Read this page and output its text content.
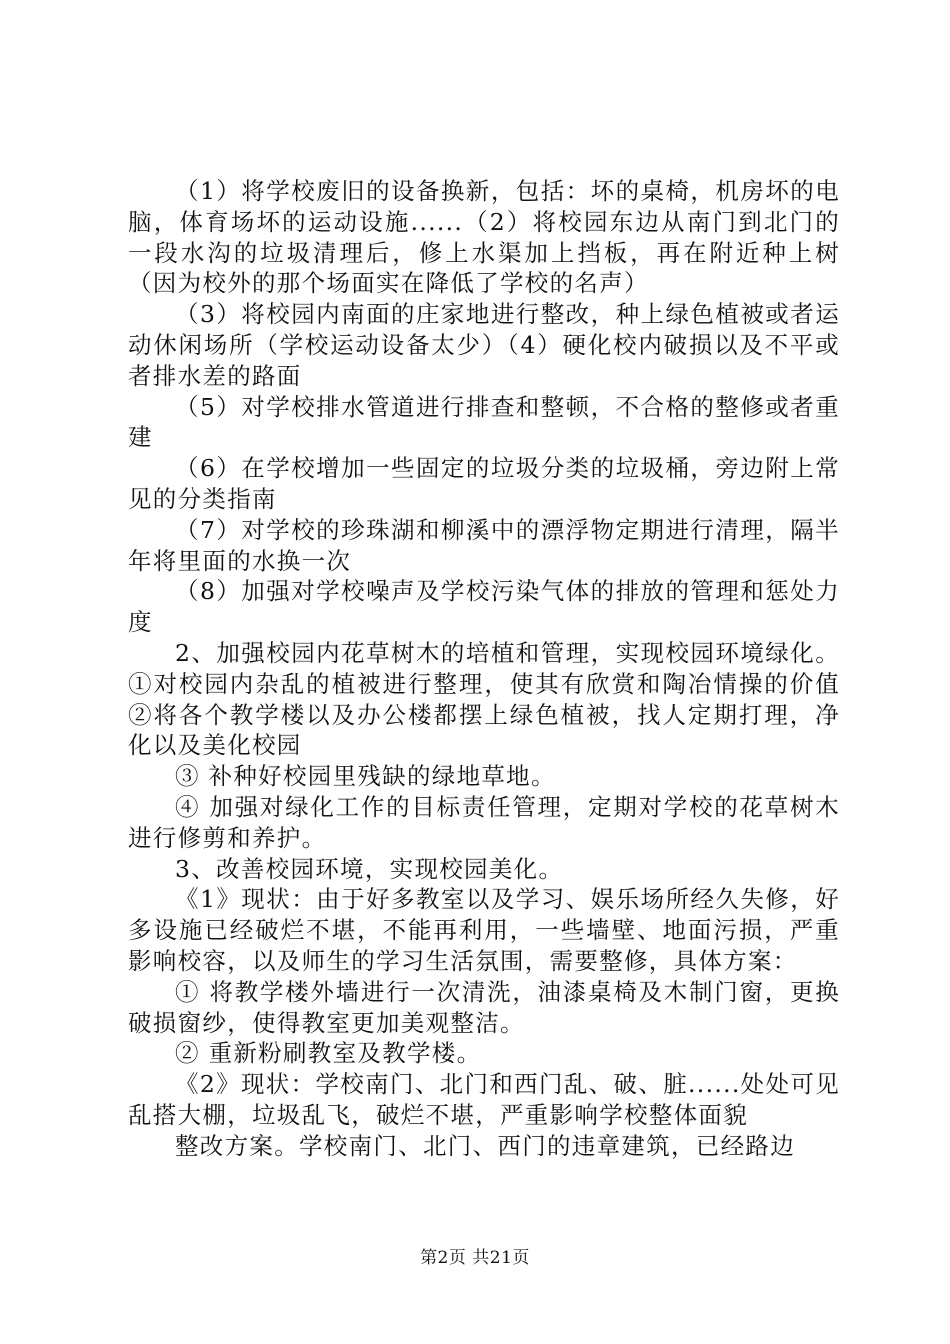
（1）将学校废旧的设备换新，包括：坏的桌椅，机房坏的电脑，体育场坏的运动设施......（2）将校园东边从南门到北门的一段水沟的垃圾清理后，修上水渠加上挡板，再在附近种上树（因为校外的那个场面实在降低了学校的名声）

（3）将校园内南面的庄家地进行整改，种上绿色植被或者运动休闲场所（学校运动设备太少）（4）硬化校内破损以及不平或者排水差的路面

（5）对学校排水管道进行排查和整顿，不合格的整修或者重建

（6）在学校增加一些固定的垃圾分类的垃圾桶，旁边附上常见的分类指南

（7）对学校的珍珠湖和柳溪中的漂浮物定期进行清理，隔半年将里面的水换一次

（8）加强对学校噪声及学校污染气体的排放的管理和惩处力度

2、加强校园内花草树木的培植和管理，实现校园环境绿化。①对校园内杂乱的植被进行整理，使其有欣赏和陶冶情操的价值②将各个教学楼以及办公楼都摆上绿色植被，找人定期打理，净化以及美化校园

③ 补种好校园里残缺的绿地草地。

④ 加强对绿化工作的目标责任管理，定期对学校的花草树木进行修剪和养护。

3、改善校园环境，实现校园美化。

《1》现状：由于好多教室以及学习、娱乐场所经久失修，好多设施已经破烂不堪，不能再利用，一些墙壁、地面污损，严重影响校容，以及师生的学习生活氛围，需要整修，具体方案：

① 将教学楼外墙进行一次清洗，油漆桌椅及木制门窗，更换破损窗纱，使得教室更加美观整洁。

② 重新粉刷教室及教学楼。

《2》现状：学校南门、北门和西门乱、破、脏......处处可见乱搭大棚，垃圾乱飞，破烂不堪，严重影响学校整体面貌

整改方案。学校南门、北门、西门的违章建筑，已经路边

第2页 共21页
